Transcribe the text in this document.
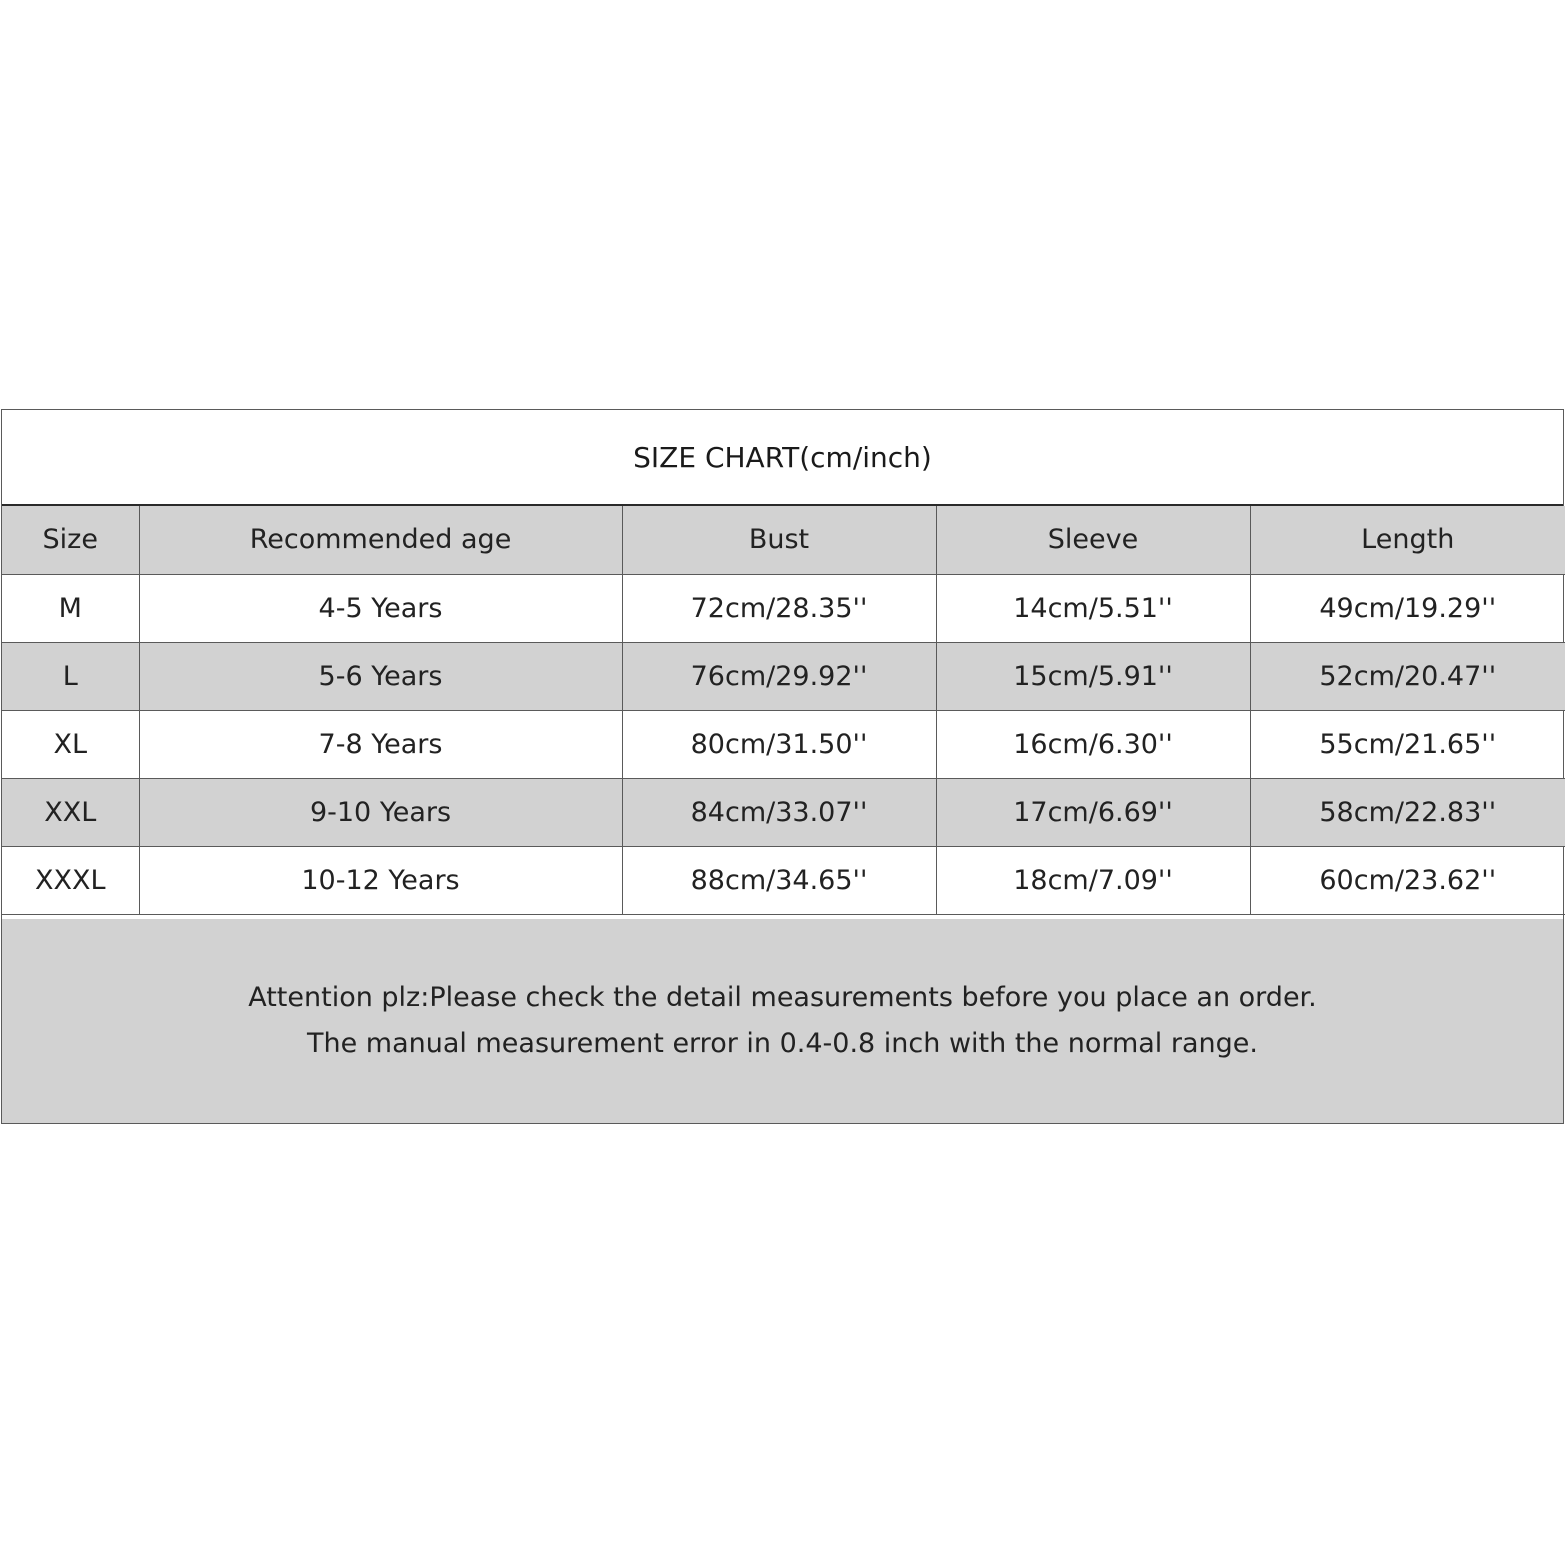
SIZE CHART(cm/inch)
Size	Recommended age	Bust	Sleeve	Length
M	4-5 Years	72cm/28.35''	14cm/5.51''	49cm/19.29''
L	5-6 Years	76cm/29.92''	15cm/5.91''	52cm/20.47''
XL	7-8 Years	80cm/31.50''	16cm/6.30''	55cm/21.65''
XXL	9-10 Years	84cm/33.07''	17cm/6.69''	58cm/22.83''
XXXL	10-12 Years	88cm/34.65''	18cm/7.09''	60cm/23.62''
Attention plz:Please check the detail measurements before you place an order.
The manual measurement error in 0.4-0.8 inch with the normal range.
